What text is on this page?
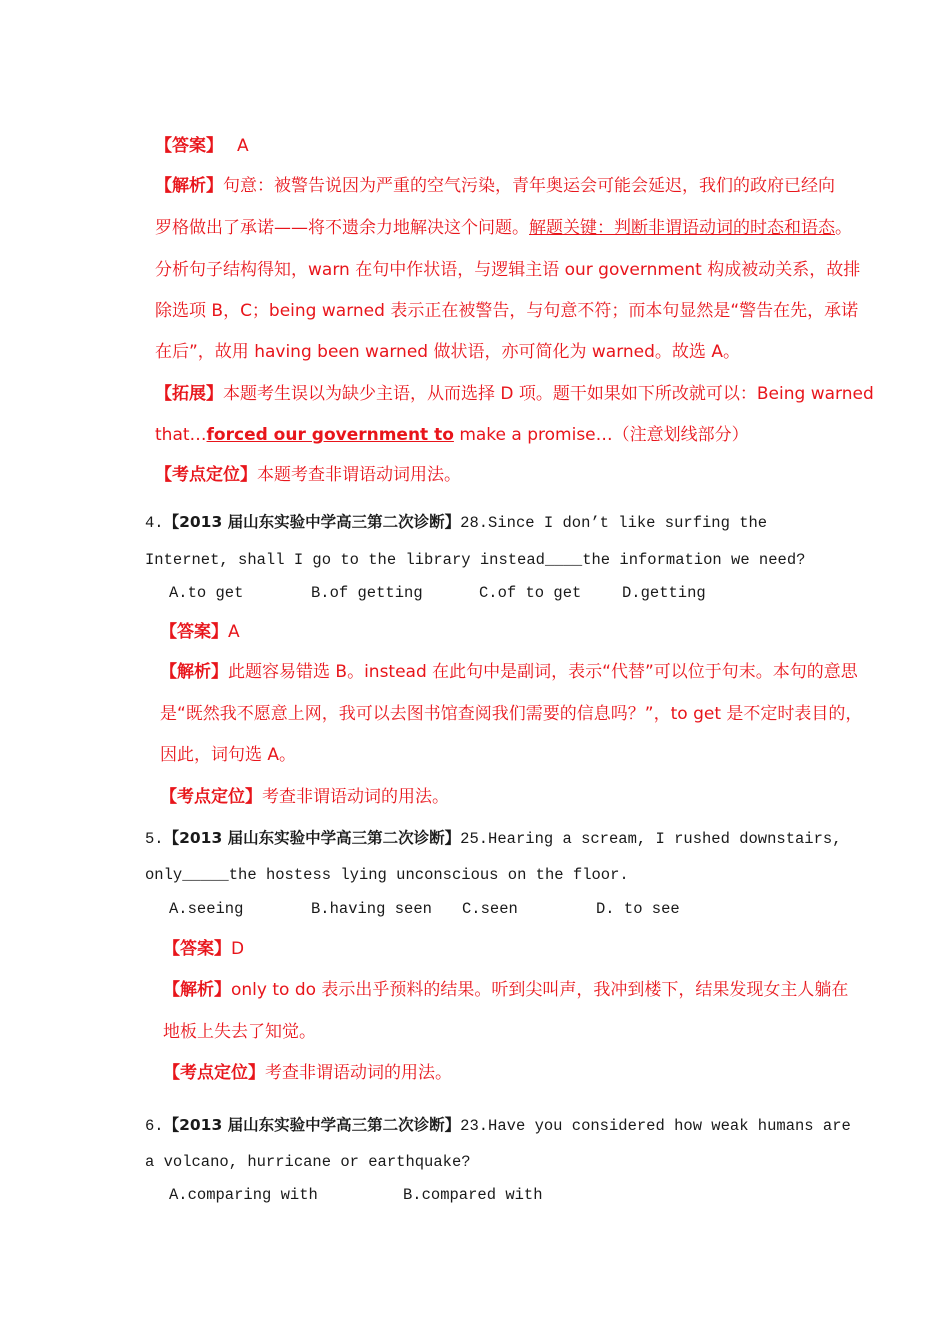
【答案】 A
【解析】句意：被警告说因为严重的空气污染，青年奥运会可能会延迟，我们的政府已经向
罗格做出了承诺——将不遗余力地解决这个问题。解题关键：判断非谓语动词的时态和语态。
分析句子结构得知，warn 在句中作状语，与逻辑主语 our government 构成被动关系，故排
除选项 B，C；being warned 表示正在被警告，与句意不符；而本句显然是“警告在先，承诺
在后”，故用 having been warned 做状语，亦可简化为 warned。故选 A。
【拓展】本题考生误以为缺少主语，从而选择 D 项。题干如果如下所改就可以：Being warned
that…forced our government to make a promise…（注意划线部分）
【考点定位】本题考查非谓语动词用法。
4.【2013 届山东实验中学高三第二次诊断】28.Since I don’t like surfing the
Internet, shall I go to the library instead____the information we need?
A.to get	B.of getting	C.of to get	D.getting
【答案】A
【解析】此题容易错选 B。instead 在此句中是副词，表示“代替”可以位于句末。本句的意思
是“既然我不愿意上网，我可以去图书馆查阅我们需要的信息吗？”，to get 是不定时表目的，
因此，词句选 A。
【考点定位】考查非谓语动词的用法。
5.【2013 届山东实验中学高三第二次诊断】25.Hearing a scream, I rushed downstairs,
only_____the hostess lying unconscious on the floor.
A.seeing	B.having seen C.seen	D. to see
【答案】D
【解析】only to do 表示出乎预料的结果。听到尖叫声，我冲到楼下，结果发现女主人躺在
地板上失去了知觉。
【考点定位】考查非谓语动词的用法。
6.【2013 届山东实验中学高三第二次诊断】23.Have you considered how weak humans are
a volcano, hurricane or earthquake?
A.comparing with	B.compared with
